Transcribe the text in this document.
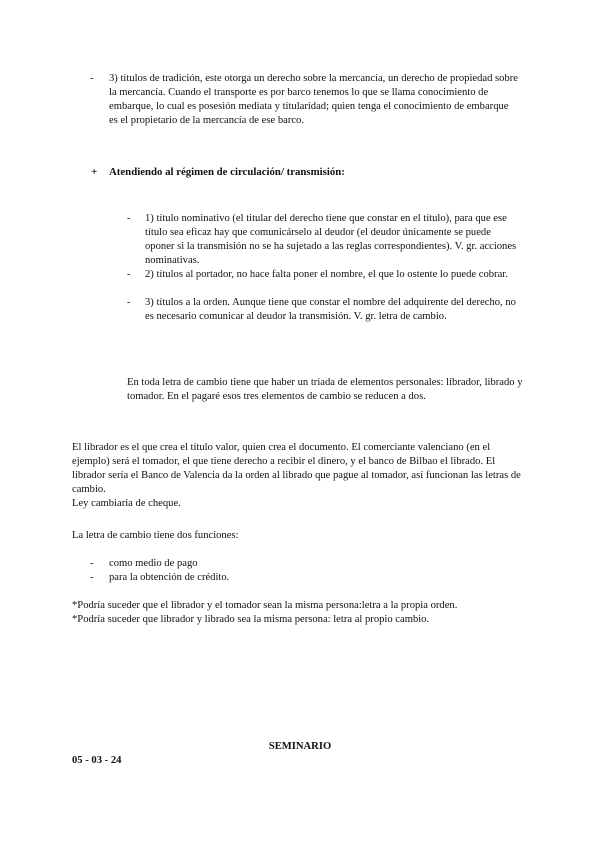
- 3) títulos de tradición, este otorga un derecho sobre la mercancía, un derecho de propiedad sobre la mercancía. Cuando el transporte es por barco tenemos lo que se llama conocimiento de embarque, lo cual es posesión mediata y titularidad; quien tenga el conocimiento de embarque es el propietario de la mercancía de ese barco.
+ Atendiendo al régimen de circulación/ transmisión:
- 1) título nominativo (el titular del derecho tiene que constar en el título), para que ese título sea eficaz hay que comunicárselo al deudor (el deudor únicamente se puede oponer si la transmisión no se ha sujetado a las reglas correspondientes). V. gr. acciones nominativas.
- 2) títulos al portador, no hace falta poner el nombre, el que lo ostente lo puede cobrar.
- 3) títulos a la orden. Aunque tiene que constar el nombre del adquirente del derecho, no es necesario comunicar al deudor la transmisión. V. gr. letra de cambio.
En toda letra de cambio tiene que haber un triada de elementos personales: librador, librado y tomador. En el pagaré esos tres elementos de cambio se reducen a dos.
El librador es el que crea el título valor, quien crea el documento. El comerciante valenciano (en el ejemplo) será el tomador, el que tiene derecho a recibir el dinero, y el banco de Bilbao el librado. El librador sería el Banco de Valencia da la orden al librado que pague al tomador, así funcionan las letras de cambio.
Ley cambiaria de cheque.
La letra de cambio tiene dos funciones:
- como medio de pago
- para la obtención de crédito.
*Podría suceder que el librador y el tomador sean la misma persona:letra a la propia orden.
*Podría suceder que librador y librado sea la misma persona: letra al propio cambio.
SEMINARIO
05 - 03 - 24
